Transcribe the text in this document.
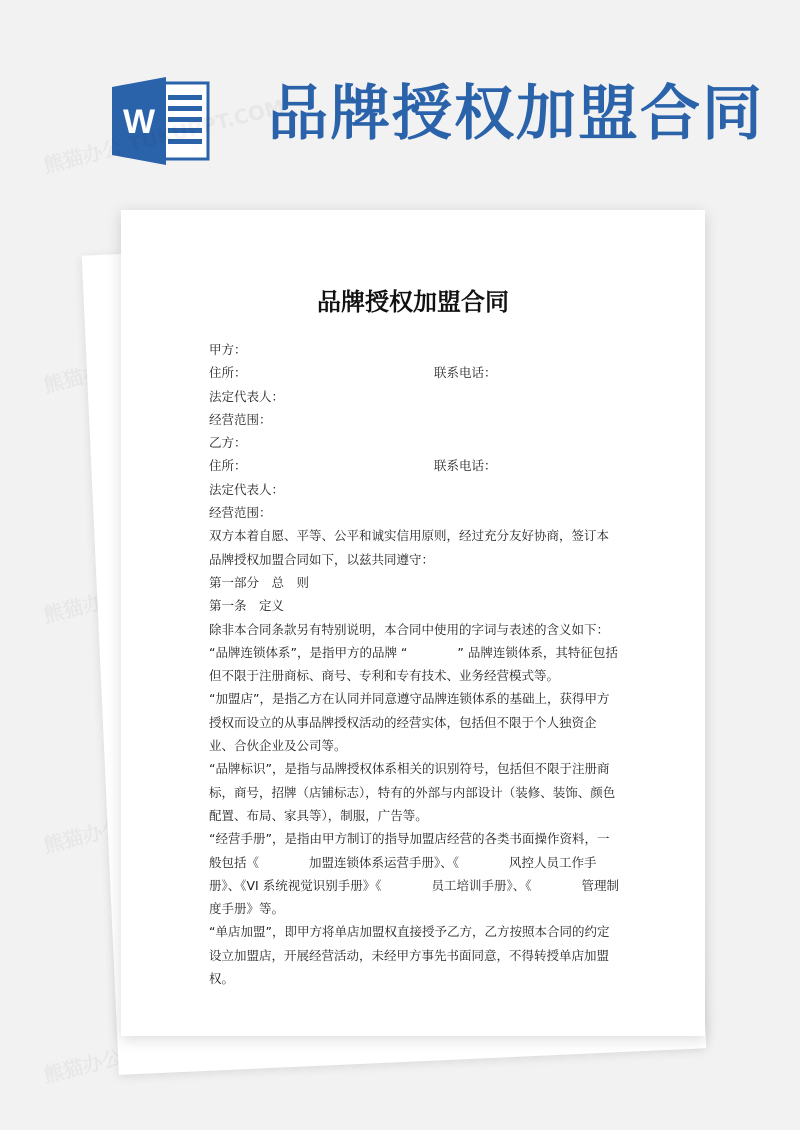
W 品牌授权加盟合同
品牌授权加盟合同
甲方：
住所：	联系电话：
法定代表人：
经营范围：
乙方：
住所：	联系电话：
法定代表人：
经营范围：
双方本着自愿、平等、公平和诚实信用原则，经过充分友好协商，签订本品牌授权加盟合同如下，以兹共同遵守：
第一部分　总　则
第一条　定义
除非本合同条款另有特别说明，本合同中使用的字词与表述的含义如下：
“品牌连锁体系”，是指甲方的品牌 “　　　　” 品牌连锁体系，其特征包括但不限于注册商标、商号、专利和专有技术、业务经营模式等。
“加盟店”，是指乙方在认同并同意遵守品牌连锁体系的基础上，获得甲方授权而设立的从事品牌授权活动的经营实体，包括但不限于个人独资企业、合伙企业及公司等。
“品牌标识”，是指与品牌授权体系相关的识别符号，包括但不限于注册商标，商号，招牌（店铺标志），特有的外部与内部设计（装修、装饰、颜色配置、布局、家具等），制服，广告等。
“经营手册”，是指由甲方制订的指导加盟店经营的各类书面操作资料，一般包括《　　　　加盟连锁体系运营手册》、《　　　　风控人员工作手册》、《VI 系统视觉识别手册》《　　　　员工培训手册》、《　　　　管理制度手册》等。
“单店加盟”，即甲方将单店加盟权直接授予乙方，乙方按照本合同的约定设立加盟店，开展经营活动，未经甲方事先书面同意，不得转授单店加盟权。
